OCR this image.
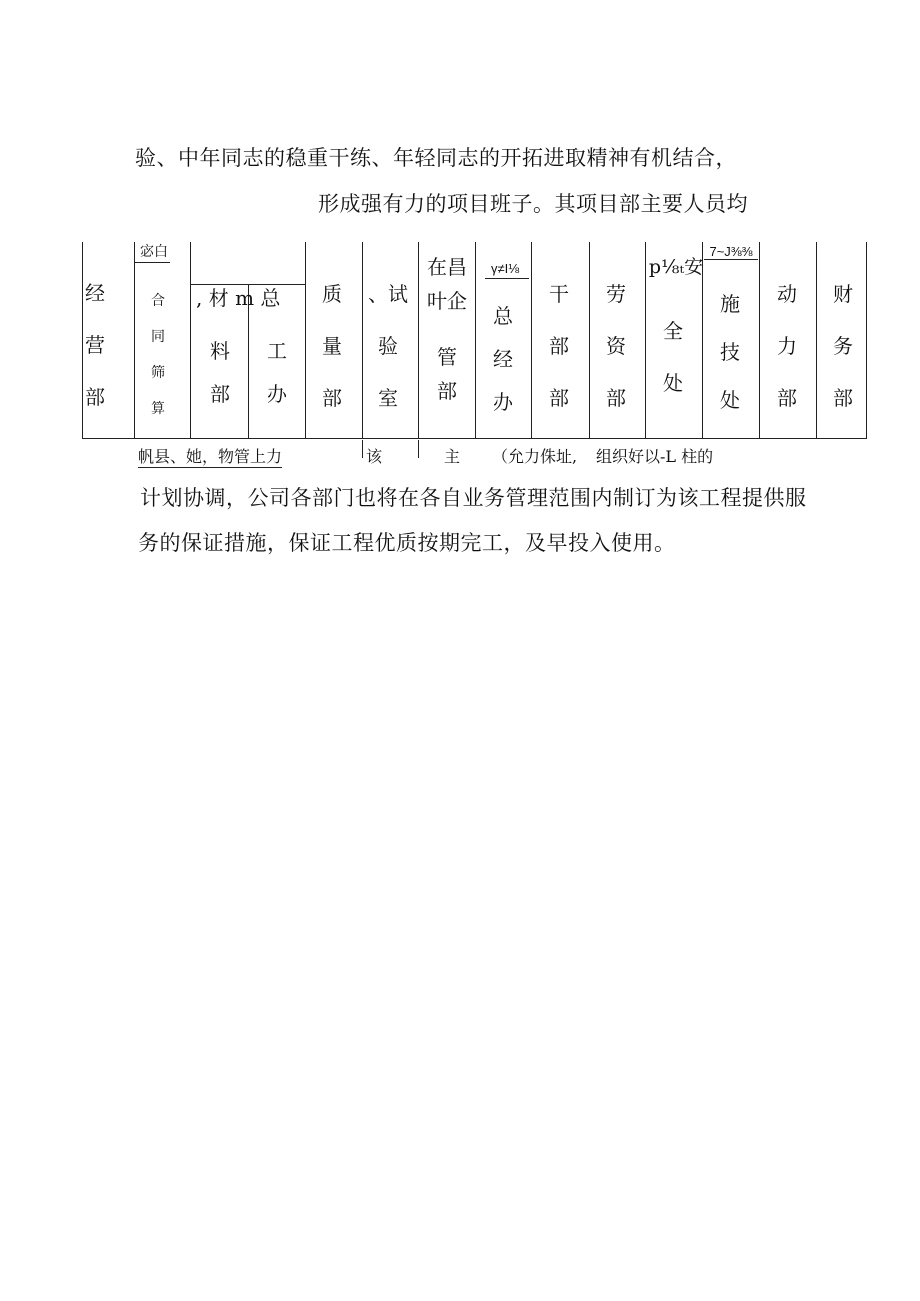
验、中年同志的稳重干练、年轻同志的开拓进取精神有机结合，
形成强有力的项目班子。其项目部主要人员均
经
营
部
宓白
合
同
筛
算
, 材 m 总
料
部
工
办
质
量
部
、试
验
室
在昌
叶企
管
部
γ≠I⅛
总
经
办
干
部
部
劳
资
部
p⅛ₜ安
全
处
7~J⅜⅜
施
技
处
动
力
部
财
务
部
帆县、她，物管上力	该	主 （允力侏址, 组织好以-L 柱的
计划协调，公司各部门也将在各自业务管理范围内制订为该工程提供服
务的保证措施，保证工程优质按期完工，及早投入使用。
